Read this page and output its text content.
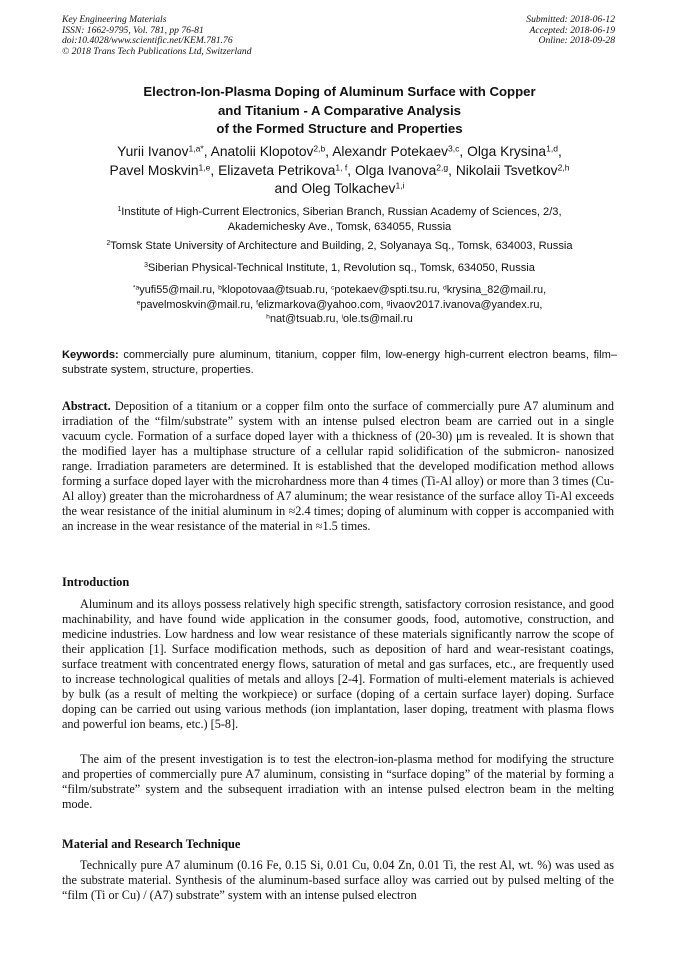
Key Engineering Materials
ISSN: 1662-9795, Vol. 781, pp 76-81
doi:10.4028/www.scientific.net/KEM.781.76
© 2018 Trans Tech Publications Ltd, Switzerland
Submitted: 2018-06-12
Accepted: 2018-06-19
Online: 2018-09-28
Electron-Ion-Plasma Doping of Aluminum Surface with Copper
and Titanium - A Comparative Analysis
of the Formed Structure and Properties
Yurii Ivanov$^{1,a*}$, Anatolii Klopotov$^{2,b}$, Alexandr Potekaev$^{3,c}$, Olga Krysina$^{1,d}$,
Pavel Moskvin$^{1,e}$, Elizaveta Petrikova$^{1, f}$, Olga Ivanova$^{2,g}$, Nikolaii Tsvetkov$^{2,h}$
and Oleg Tolkachev$^{1,i}$
$^1$Institute of High-Current Electronics, Siberian Branch, Russian Academy of Sciences, 2/3,
Akademichesky Ave., Tomsk, 634055, Russia
$^2$Tomsk State University of Architecture and Building, 2, Solyanaya Sq., Tomsk, 634003, Russia
$^3$Siberian Physical-Technical Institute, 1, Revolution sq., Tomsk, 634050, Russia
$^{*a}$yufi55@mail.ru, $^b$klopotovaa@tsuab.ru, $^c$potekaev@spti.tsu.ru, $^d$krysina_82@mail.ru,
$^e$pavelmoskvin@mail.ru, $^f$elizmarkova@yahoo.com, $^g$ivaov2017.ivanova@yandex.ru,
$^h$nat@tsuab.ru, $^i$ole.ts@mail.ru
Keywords: commercially pure aluminum, titanium, copper film, low-energy high-current electron beams, film–substrate system, structure, properties.

Abstract. Deposition of a titanium or a copper film onto the surface of commercially pure A7 aluminum and irradiation of the “film/substrate” system with an intense pulsed electron beam are carried out in a single vacuum cycle. Formation of a surface doped layer with a thickness of (20-30) μm is revealed. It is shown that the modified layer has a multiphase structure of a cellular rapid solidification of the submicron- nanosized range. Irradiation parameters are determined. It is established that the developed modification method allows forming a surface doped layer with the microhardness more than 4 times (Ti-Al alloy) or more than 3 times (Cu-Al alloy) greater than the microhardness of A7 aluminum; the wear resistance of the surface alloy Ti-Al exceeds the wear resistance of the initial aluminum in ≈2.4 times; doping of aluminum with copper is accompanied with an increase in the wear resistance of the material in ≈1.5 times.

Introduction

Aluminum and its alloys possess relatively high specific strength, satisfactory corrosion resistance, and good machinability, and have found wide application in the consumer goods, food, automotive, construction, and medicine industries. Low hardness and low wear resistance of these materials significantly narrow the scope of their application [1]. Surface modification methods, such as deposition of hard and wear-resistant coatings, surface treatment with concentrated energy flows, saturation of metal and gas surfaces, etc., are frequently used to increase technological qualities of metals and alloys [2-4]. Formation of multi-element materials is achieved by bulk (as a result of melting the workpiece) or surface (doping of a certain surface layer) doping. Surface doping can be carried out using various methods (ion implantation, laser doping, treatment with plasma flows and powerful ion beams, etc.) [5-8].

The aim of the present investigation is to test the electron-ion-plasma method for modifying the structure and properties of commercially pure A7 aluminum, consisting in “surface doping” of the material by forming a “film/substrate” system and the subsequent irradiation with an intense pulsed electron beam in the melting mode.

Material and Research Technique

Technically pure A7 aluminum (0.16 Fe, 0.15 Si, 0.01 Cu, 0.04 Zn, 0.01 Ti, the rest Al, wt. %) was used as the substrate material. Synthesis of the aluminum-based surface alloy was carried out by pulsed melting of the “film (Ti or Cu) / (A7) substrate” system with an intense pulsed electron
